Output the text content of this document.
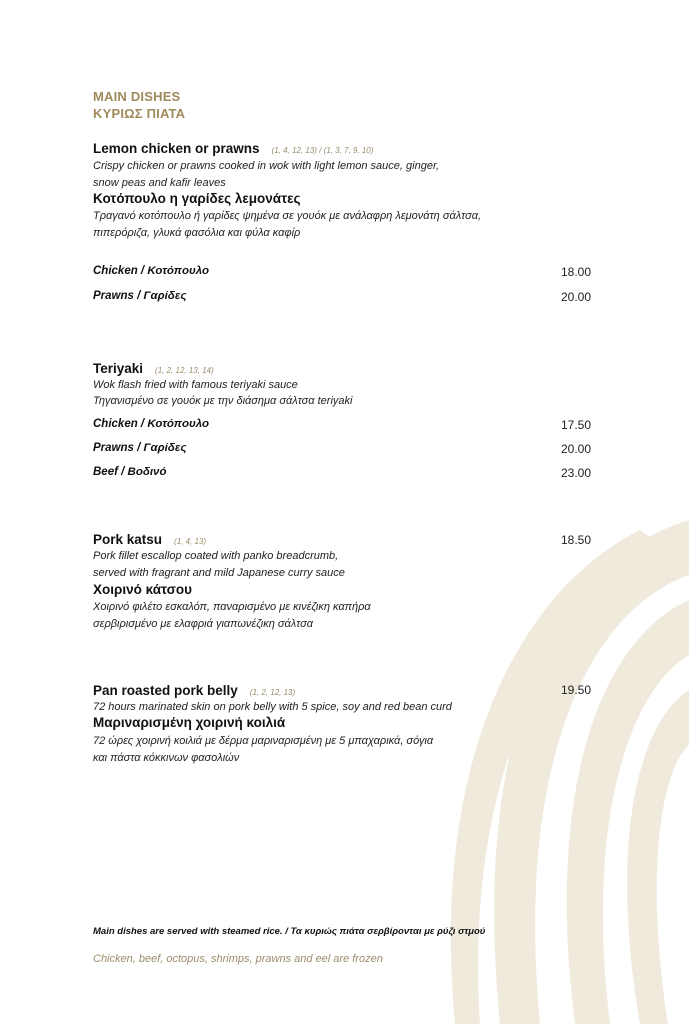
MAIN DISHES
ΚΥΡΙΩΣ ΠΙΑΤΑ
Lemon chicken or prawns (1, 4, 12, 13) / (1, 3, 7, 9, 10)
Crispy chicken or prawns cooked in wok with light lemon sauce, ginger,
snow peas and kafir leaves
Κοτόπουλο η γαρίδες λεμονάτες
Τραγανό κοτόπουλο ή γαρίδες ψημένα σε γουόκ με ανάλαφρη λεμονάτη σάλτσα,
πιπερόριζα, γλυκά φασόλια και φύλα καφίρ
Chicken / Κοτόπουλο	18.00
Prawns / Γαρίδες	20.00
Teriyaki (1, 2, 12, 13, 14)
Wok flash fried with famous teriyaki sauce
Τηγανισμένο σε γουόκ με την διάσημα σάλτσα teriyaki
Chicken / Κοτόπουλο	17.50
Prawns / Γαρίδες	20.00
Beef / Βοδινό	23.00
Pork katsu (1, 4, 13)	18.50
Pork fillet escallop coated with panko breadcrumb,
served with fragrant and mild Japanese curry sauce
Χοιρινό κάτσου
Χοιρινό φιλέτο εσκαλόπ, παναρισμένο με κινέζικη καπήρα
σερβιρισμένο με ελαφριά γιαπωνέζικη σάλτσα
Pan roasted pork belly (1, 2, 12, 13)	19.50
72 hours marinated skin on pork belly with 5 spice, soy and red bean curd
Μαριναρισμένη χοιρινή κοιλιά
72 ώρες χοιρινή κοιλιά με δέρμα μαριναρισμένη με 5 μπαχαρικά, σόγια
και πάστα κόκκινων φασολιών
Main dishes are served with steamed rice. / Τα κυριώς πιάτα σερβίρονται με ρύζι στμού
Chicken, beef, octopus, shrimps, prawns and eel are frozen
